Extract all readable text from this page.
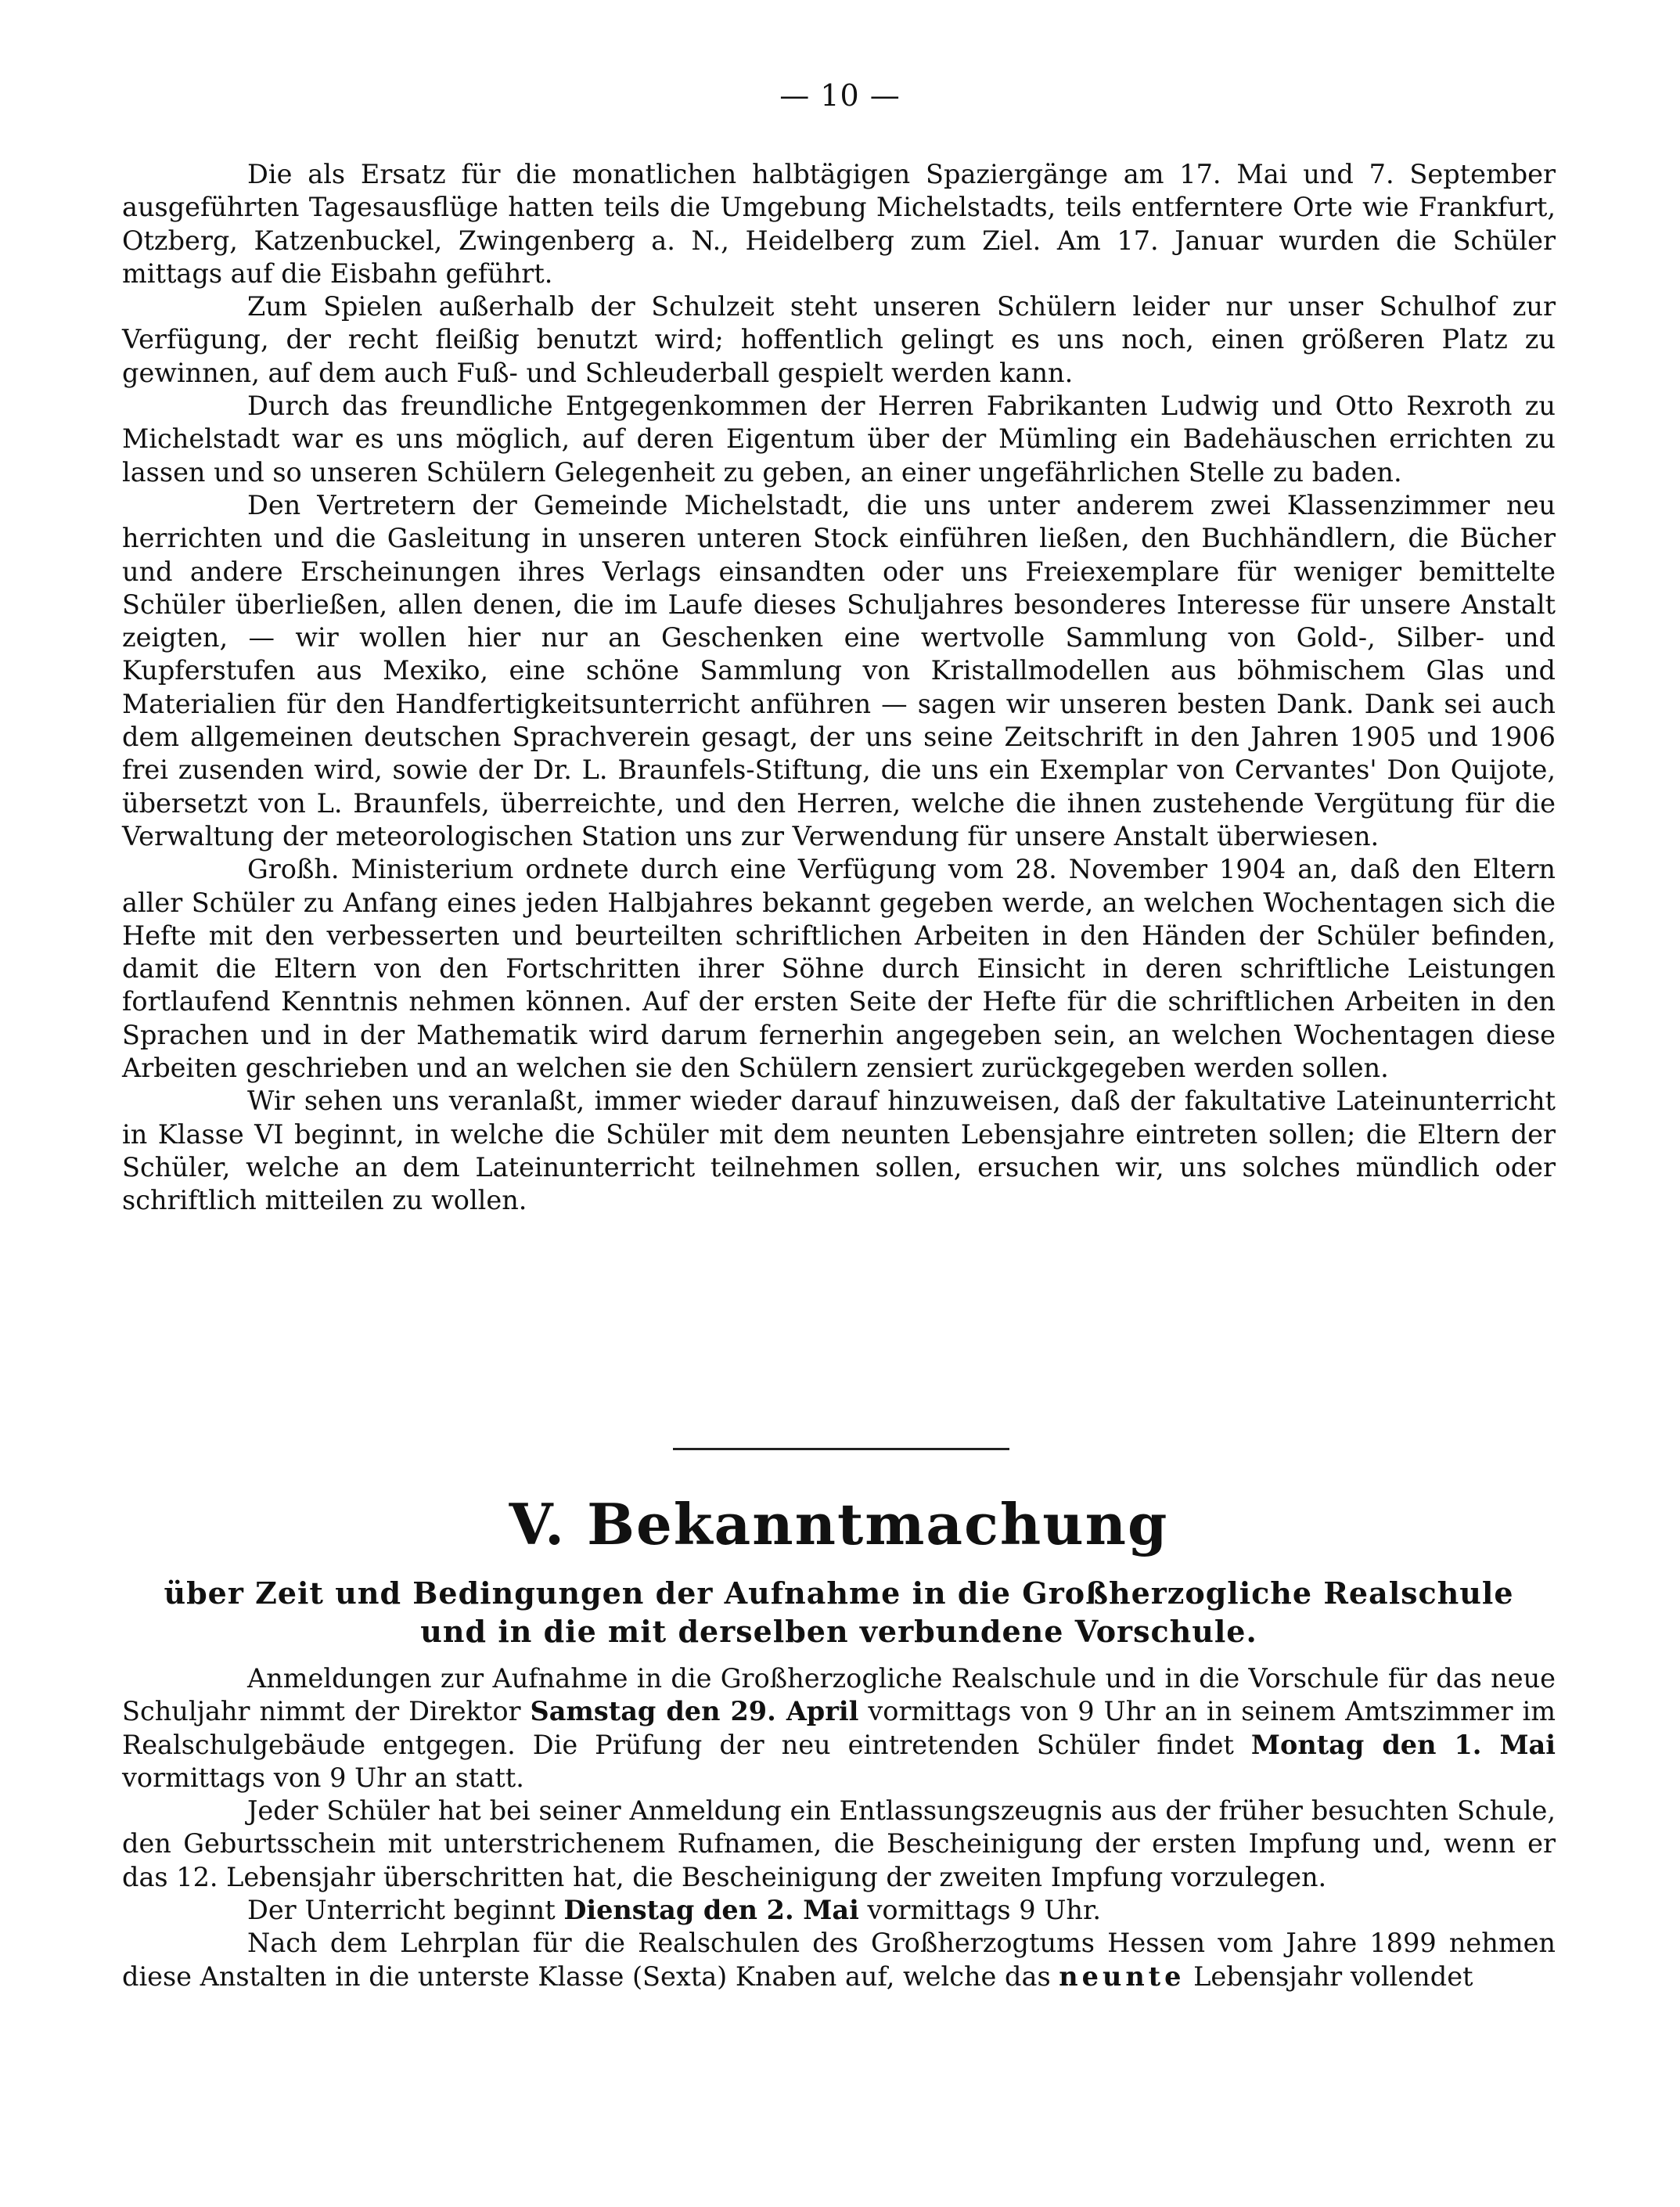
— 10 —

Die als Ersatz für die monatlichen halbtägigen Spaziergänge am 17. Mai und 7. September ausgeführten Tagesausflüge hatten teils die Umgebung Michelstadts, teils entferntere Orte wie Frankfurt, Otzberg, Katzenbuckel, Zwingenberg a. N., Heidelberg zum Ziel. Am 17. Januar wurden die Schüler mittags auf die Eisbahn geführt.

Zum Spielen außerhalb der Schulzeit steht unseren Schülern leider nur unser Schulhof zur Verfügung, der recht fleißig benutzt wird; hoffentlich gelingt es uns noch, einen größeren Platz zu gewinnen, auf dem auch Fuß- und Schleuderball gespielt werden kann.

Durch das freundliche Entgegenkommen der Herren Fabrikanten Ludwig und Otto Rexroth zu Michelstadt war es uns möglich, auf deren Eigentum über der Mümling ein Badehäuschen errichten zu lassen und so unseren Schülern Gelegenheit zu geben, an einer ungefährlichen Stelle zu baden.

Den Vertretern der Gemeinde Michelstadt, die uns unter anderem zwei Klassenzimmer neu herrichten und die Gasleitung in unseren unteren Stock einführen ließen, den Buchhändlern, die Bücher und andere Erscheinungen ihres Verlags einsandten oder uns Freiexemplare für weniger bemittelte Schüler überließen, allen denen, die im Laufe dieses Schuljahres besonderes Interesse für unsere Anstalt zeigten, — wir wollen hier nur an Geschenken eine wertvolle Sammlung von Gold-, Silber- und Kupferstufen aus Mexiko, eine schöne Sammlung von Kristallmodellen aus böhmischem Glas und Materialien für den Handfertigkeitsunterricht anführen — sagen wir unseren besten Dank. Dank sei auch dem allgemeinen deutschen Sprachverein gesagt, der uns seine Zeitschrift in den Jahren 1905 und 1906 frei zusenden wird, sowie der Dr. L. Braunfels-Stiftung, die uns ein Exemplar von Cervantes' Don Quijote, übersetzt von L. Braunfels, überreichte, und den Herren, welche die ihnen zustehende Vergütung für die Verwaltung der meteorologischen Station uns zur Verwendung für unsere Anstalt überwiesen.

Großh. Ministerium ordnete durch eine Verfügung vom 28. November 1904 an, daß den Eltern aller Schüler zu Anfang eines jeden Halbjahres bekannt gegeben werde, an welchen Wochentagen sich die Hefte mit den verbesserten und beurteilten schriftlichen Arbeiten in den Händen der Schüler befinden, damit die Eltern von den Fortschritten ihrer Söhne durch Einsicht in deren schriftliche Leistungen fortlaufend Kenntnis nehmen können. Auf der ersten Seite der Hefte für die schriftlichen Arbeiten in den Sprachen und in der Mathematik wird darum fernerhin angegeben sein, an welchen Wochentagen diese Arbeiten geschrieben und an welchen sie den Schülern zensiert zurückgegeben werden sollen.

Wir sehen uns veranlaßt, immer wieder darauf hinzuweisen, daß der fakultative Lateinunterricht in Klasse VI beginnt, in welche die Schüler mit dem neunten Lebensjahre eintreten sollen; die Eltern der Schüler, welche an dem Lateinunterricht teilnehmen sollen, ersuchen wir, uns solches mündlich oder schriftlich mitteilen zu wollen.

V. Bekanntmachung
über Zeit und Bedingungen der Aufnahme in die Großherzogliche Realschule
und in die mit derselben verbundene Vorschule.

Anmeldungen zur Aufnahme in die Großherzogliche Realschule und in die Vorschule für das neue Schuljahr nimmt der Direktor Samstag den 29. April vormittags von 9 Uhr an in seinem Amtszimmer im Realschulgebäude entgegen. Die Prüfung der neu eintretenden Schüler findet Montag den 1. Mai vormittags von 9 Uhr an statt.

Jeder Schüler hat bei seiner Anmeldung ein Entlassungszeugnis aus der früher besuchten Schule, den Geburtsschein mit unterstrichenem Rufnamen, die Bescheinigung der ersten Impfung und, wenn er das 12. Lebensjahr überschritten hat, die Bescheinigung der zweiten Impfung vorzulegen.

Der Unterricht beginnt Dienstag den 2. Mai vormittags 9 Uhr.

Nach dem Lehrplan für die Realschulen des Großherzogtums Hessen vom Jahre 1899 nehmen diese Anstalten in die unterste Klasse (Sexta) Knaben auf, welche das neunte Lebensjahr vollendet
